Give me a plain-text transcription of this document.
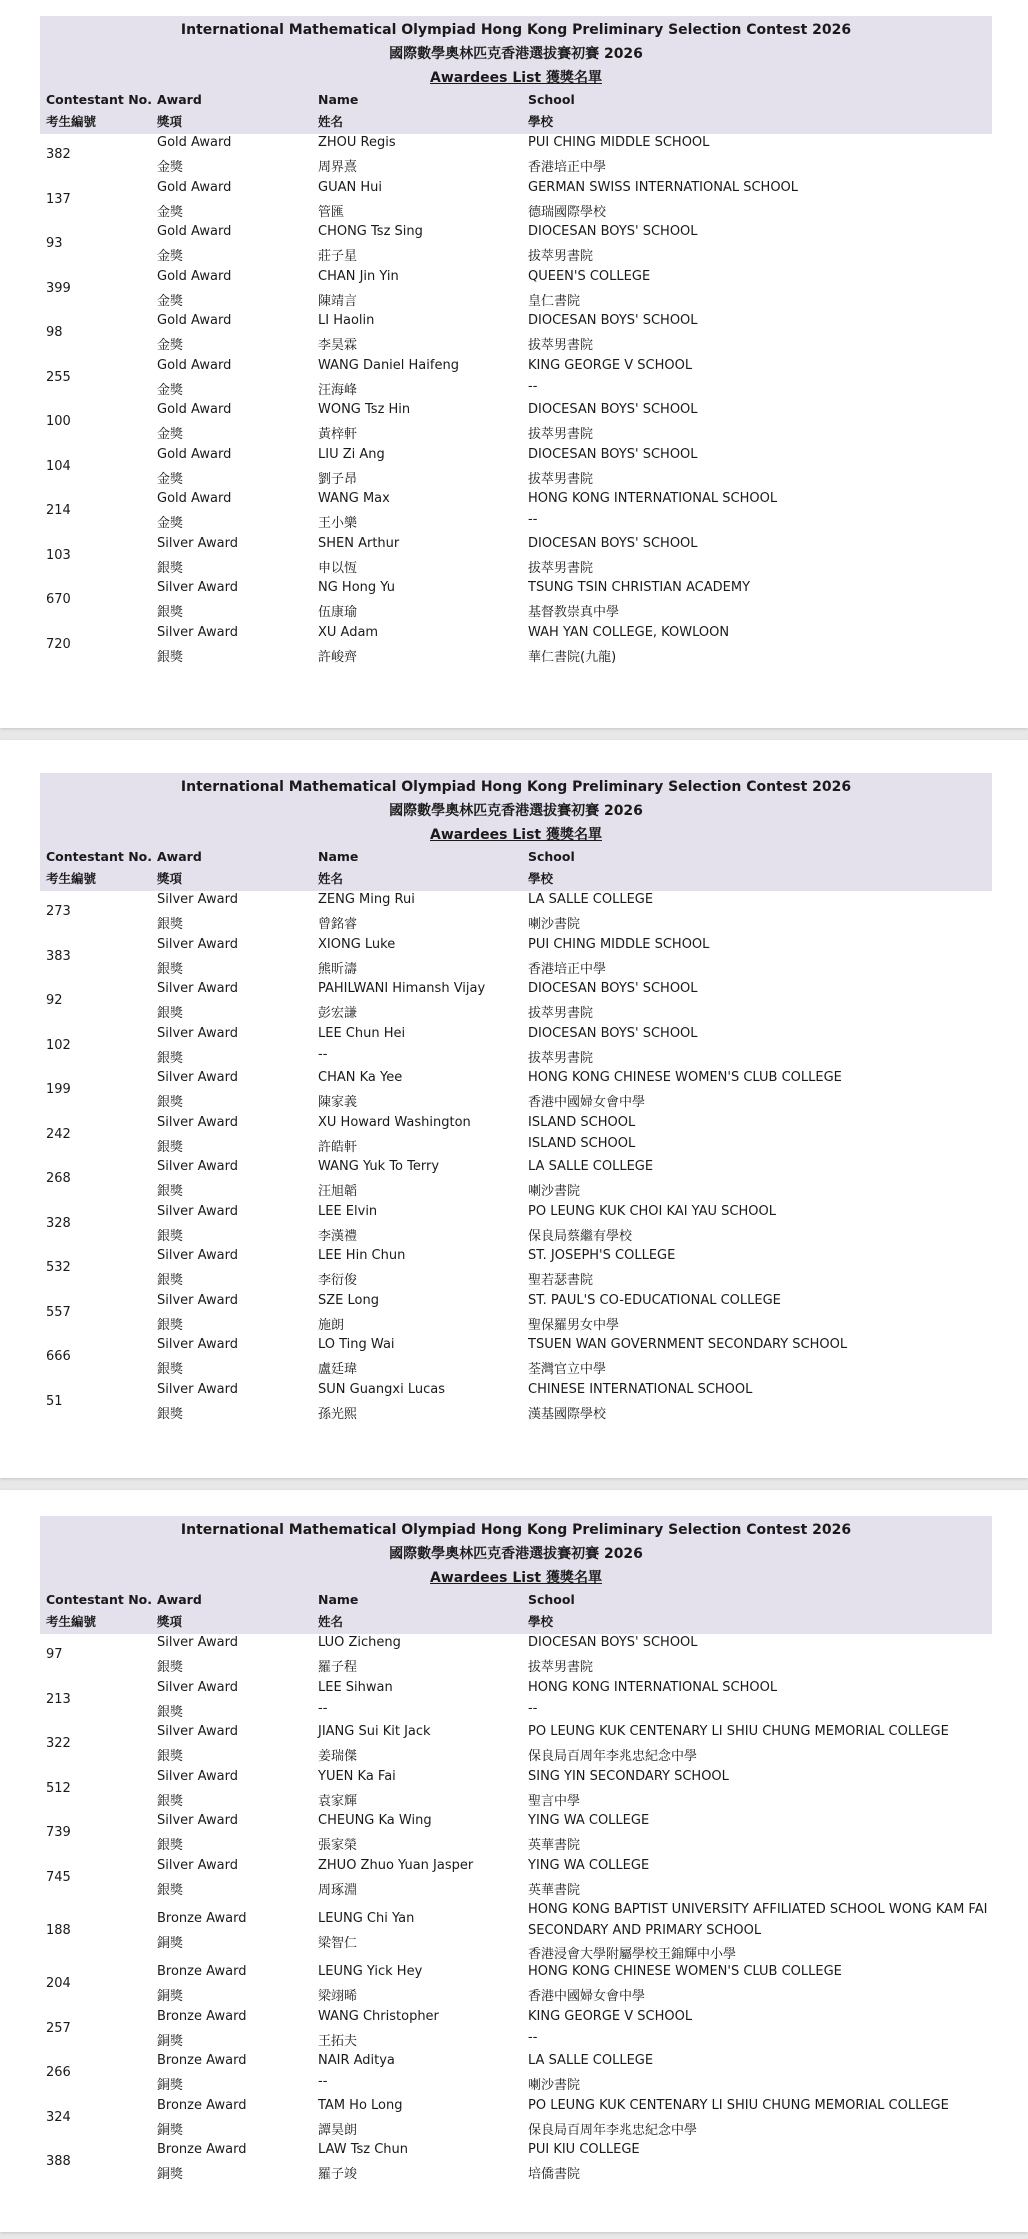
International Mathematical Olympiad Hong Kong Preliminary Selection Contest 2026
國際數學奧林匹克香港選拔賽初賽 2026
Awardees List 獲獎名單
Contestant No.
考生編號
Award
獎項
Name
姓名
School
學校
382
Gold Award
金獎
ZHOU Regis
周界熹
PUI CHING MIDDLE SCHOOL
香港培正中學
137
Gold Award
金獎
GUAN Hui
管匯
GERMAN SWISS INTERNATIONAL SCHOOL
德瑞國際學校
93
Gold Award
金獎
CHONG Tsz Sing
莊子星
DIOCESAN BOYS' SCHOOL
拔萃男書院
399
Gold Award
金獎
CHAN Jin Yin
陳靖言
QUEEN'S COLLEGE
皇仁書院
98
Gold Award
金獎
LI Haolin
李昊霖
DIOCESAN BOYS' SCHOOL
拔萃男書院
255
Gold Award
金獎
WANG Daniel Haifeng
汪海峰
KING GEORGE V SCHOOL
--
100
Gold Award
金獎
WONG Tsz Hin
黃梓軒
DIOCESAN BOYS' SCHOOL
拔萃男書院
104
Gold Award
金獎
LIU Zi Ang
劉子昂
DIOCESAN BOYS' SCHOOL
拔萃男書院
214
Gold Award
金獎
WANG Max
王小樂
HONG KONG INTERNATIONAL SCHOOL
--
103
Silver Award
銀獎
SHEN Arthur
申以恆
DIOCESAN BOYS' SCHOOL
拔萃男書院
670
Silver Award
銀獎
NG Hong Yu
伍康瑜
TSUNG TSIN CHRISTIAN ACADEMY
基督教崇真中學
720
Silver Award
銀獎
XU Adam
許峻齊
WAH YAN COLLEGE, KOWLOON
華仁書院(九龍)
International Mathematical Olympiad Hong Kong Preliminary Selection Contest 2026
國際數學奧林匹克香港選拔賽初賽 2026
Awardees List 獲獎名單
Contestant No.
考生編號
Award
獎項
Name
姓名
School
學校
273
Silver Award
銀獎
ZENG Ming Rui
曾銘睿
LA SALLE COLLEGE
喇沙書院
383
Silver Award
銀獎
XIONG Luke
熊昕濤
PUI CHING MIDDLE SCHOOL
香港培正中學
92
Silver Award
銀獎
PAHILWANI Himansh Vijay
彭宏謙
DIOCESAN BOYS' SCHOOL
拔萃男書院
102
Silver Award
銀獎
LEE Chun Hei
--
DIOCESAN BOYS' SCHOOL
拔萃男書院
199
Silver Award
銀獎
CHAN Ka Yee
陳家義
HONG KONG CHINESE WOMEN'S CLUB COLLEGE
香港中國婦女會中學
242
Silver Award
銀獎
XU Howard Washington
許皓軒
ISLAND SCHOOL
ISLAND SCHOOL
268
Silver Award
銀獎
WANG Yuk To Terry
汪旭韜
LA SALLE COLLEGE
喇沙書院
328
Silver Award
銀獎
LEE Elvin
李漢禮
PO LEUNG KUK CHOI KAI YAU SCHOOL
保良局蔡繼有學校
532
Silver Award
銀獎
LEE Hin Chun
李衍俊
ST. JOSEPH'S COLLEGE
聖若瑟書院
557
Silver Award
銀獎
SZE Long
施朗
ST. PAUL'S CO-EDUCATIONAL COLLEGE
聖保羅男女中學
666
Silver Award
銀獎
LO Ting Wai
盧廷瑋
TSUEN WAN GOVERNMENT SECONDARY SCHOOL
荃灣官立中學
51
Silver Award
銀獎
SUN Guangxi Lucas
孫光熙
CHINESE INTERNATIONAL SCHOOL
漢基國際學校
International Mathematical Olympiad Hong Kong Preliminary Selection Contest 2026
國際數學奧林匹克香港選拔賽初賽 2026
Awardees List 獲獎名單
Contestant No.
考生編號
Award
獎項
Name
姓名
School
學校
97
Silver Award
銀獎
LUO Zicheng
羅子程
DIOCESAN BOYS' SCHOOL
拔萃男書院
213
Silver Award
銀獎
LEE Sihwan
--
HONG KONG INTERNATIONAL SCHOOL
--
322
Silver Award
銀獎
JIANG Sui Kit Jack
姜瑞傑
PO LEUNG KUK CENTENARY LI SHIU CHUNG MEMORIAL COLLEGE
保良局百周年李兆忠紀念中學
512
Silver Award
銀獎
YUEN Ka Fai
袁家輝
SING YIN SECONDARY SCHOOL
聖言中學
739
Silver Award
銀獎
CHEUNG Ka Wing
張家榮
YING WA COLLEGE
英華書院
745
Silver Award
銀獎
ZHUO Zhuo Yuan Jasper
周琢淵
YING WA COLLEGE
英華書院
188
Bronze Award
銅獎
LEUNG Chi Yan
梁智仁
HONG KONG BAPTIST UNIVERSITY AFFILIATED SCHOOL WONG KAM FAI
SECONDARY AND PRIMARY SCHOOL
香港浸會大學附屬學校王錦輝中小學
204
Bronze Award
銅獎
LEUNG Yick Hey
梁翊晞
HONG KONG CHINESE WOMEN'S CLUB COLLEGE
香港中國婦女會中學
257
Bronze Award
銅獎
WANG Christopher
王拓夫
KING GEORGE V SCHOOL
--
266
Bronze Award
銅獎
NAIR Aditya
--
LA SALLE COLLEGE
喇沙書院
324
Bronze Award
銅獎
TAM Ho Long
譚昊朗
PO LEUNG KUK CENTENARY LI SHIU CHUNG MEMORIAL COLLEGE
保良局百周年李兆忠紀念中學
388
Bronze Award
銅獎
LAW Tsz Chun
羅子竣
PUI KIU COLLEGE
培僑書院
